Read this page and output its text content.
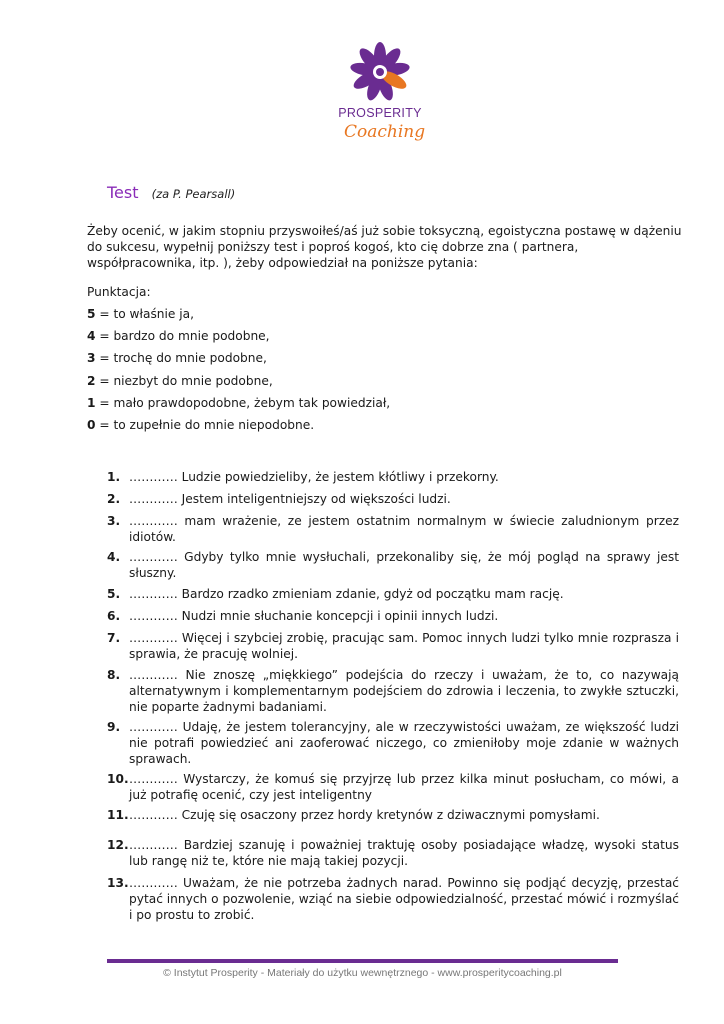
PROSPERITY
Coaching
Test (za P. Pearsall)

Żeby ocenić, w jakim stopniu przyswoiłeś/aś już sobie toksyczną, egoistyczna postawę w dążeniu do sukcesu, wypełnij poniższy test i poproś kogoś, kto cię dobrze zna ( partnera, współpracownika, itp. ), żeby odpowiedział na poniższe pytania:

Punktacja:
5 = to właśnie ja,
4 = bardzo do mnie podobne,
3 = trochę do mnie podobne,
2 = niezbyt do mnie podobne,
1 = mało prawdopodobne, żebym tak powiedział,
0 = to zupełnie do mnie niepodobne.
1. ………… Ludzie powiedzieliby, że jestem kłótliwy i przekorny.
2. ………… Jestem inteligentniejszy od większości ludzi.
3. ………… mam wrażenie, ze jestem ostatnim normalnym w świecie zaludnionym przez idiotów.
4. ………… Gdyby tylko mnie wysłuchali, przekonaliby się, że mój pogląd na sprawy jest słuszny.
5. ………… Bardzo rzadko zmieniam zdanie, gdyż od początku mam rację.
6. ………… Nudzi mnie słuchanie koncepcji i opinii innych ludzi.
7. ………… Więcej i szybciej zrobię, pracując sam. Pomoc innych ludzi tylko mnie rozprasza i sprawia, że pracuję wolniej.
8. ………… Nie znoszę „miękkiego” podejścia do rzeczy i uważam, że to, co nazywają alternatywnym i komplementarnym podejściem do zdrowia i leczenia, to zwykłe sztuczki, nie poparte żadnymi badaniami.
9. ………… Udaję, że jestem tolerancyjny, ale w rzeczywistości uważam, ze większość ludzi nie potrafi powiedzieć ani zaoferować niczego, co zmieniłoby moje zdanie w ważnych sprawach.
10. ………… Wystarczy, że komuś się przyjrzę lub przez kilka minut posłucham, co mówi, a już potrafię ocenić, czy jest inteligentny
11. ………… Czuję się osaczony przez hordy kretynów z dziwacznymi pomysłami.
12. ………… Bardziej szanuję i poważniej traktuję osoby posiadające władzę, wysoki status lub rangę niż te, które nie mają takiej pozycji.
13. ………… Uważam, że nie potrzeba żadnych narad. Powinno się podjąć decyzję, przestać pytać innych o pozwolenie, wziąć na siebie odpowiedzialność, przestać mówić i rozmyślać i po prostu to zrobić.
© Instytut Prosperity - Materiały do użytku wewnętrznego - www.prosperitycoaching.pl
